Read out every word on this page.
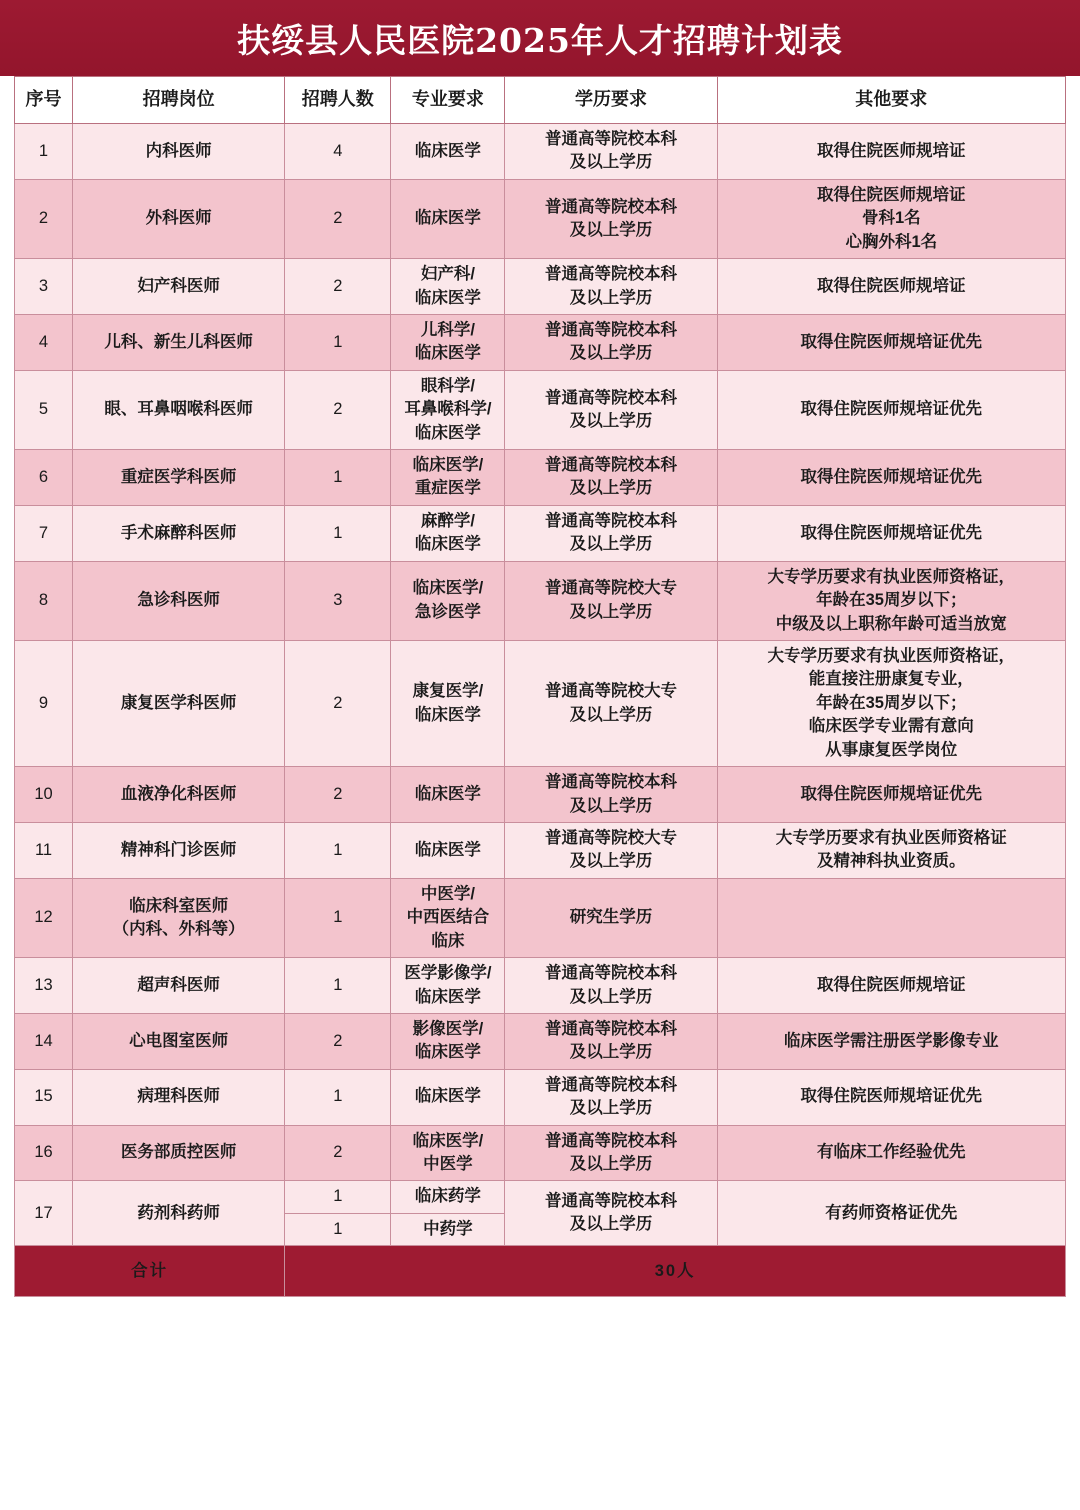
扶绥县人民医院2025年人才招聘计划表
序号	招聘岗位	招聘人数	专业要求	学历要求	其他要求
1	内科医师	4	临床医学	普通高等院校本科
及以上学历	取得住院医师规培证

2	外科医师	2	临床医学	普通高等院校本科
及以上学历	取得住院医师规培证
骨科1名
心胸外科1名

3	妇产科医师	2	妇产科/
临床医学	普通高等院校本科
及以上学历	取得住院医师规培证

4	儿科、新生儿科医师	1	儿科学/
临床医学	普通高等院校本科
及以上学历	取得住院医师规培证优先

5	眼、耳鼻咽喉科医师	2	眼科学/
耳鼻喉科学/
临床医学	普通高等院校本科
及以上学历	取得住院医师规培证优先

6	重症医学科医师	1	临床医学/
重症医学	普通高等院校本科
及以上学历	取得住院医师规培证优先

7	手术麻醉科医师	1	麻醉学/
临床医学	普通高等院校本科
及以上学历	取得住院医师规培证优先

8	急诊科医师	3	临床医学/
急诊医学	普通高等院校大专
及以上学历	大专学历要求有执业医师资格证，
年龄在35周岁以下；
中级及以上职称年龄可适当放宽

9	康复医学科医师	2	康复医学/
临床医学	普通高等院校大专
及以上学历	大专学历要求有执业医师资格证，
能直接注册康复专业，
年龄在35周岁以下；
临床医学专业需有意向
从事康复医学岗位

10	血液净化科医师	2	临床医学	普通高等院校本科
及以上学历	取得住院医师规培证优先

11	精神科门诊医师	1	临床医学	普通高等院校大专
及以上学历	大专学历要求有执业医师资格证
及精神科执业资质。

12	临床科室医师
（内科、外科等）	1	中医学/
中西医结合
临床	研究生学历	

13	超声科医师	1	医学影像学/
临床医学	普通高等院校本科
及以上学历	取得住院医师规培证

14	心电图室医师	2	影像医学/
临床医学	普通高等院校本科
及以上学历	临床医学需注册医学影像专业

15	病理科医师	1	临床医学	普通高等院校本科
及以上学历	取得住院医师规培证优先

16	医务部质控医师	2	临床医学/
中医学	普通高等院校本科
及以上学历	有临床工作经验优先

17	药剂科药师	1	临床药学	普通高等院校本科
及以上学历	有药师资格证优先

		1	中药学		

合计		30人			
